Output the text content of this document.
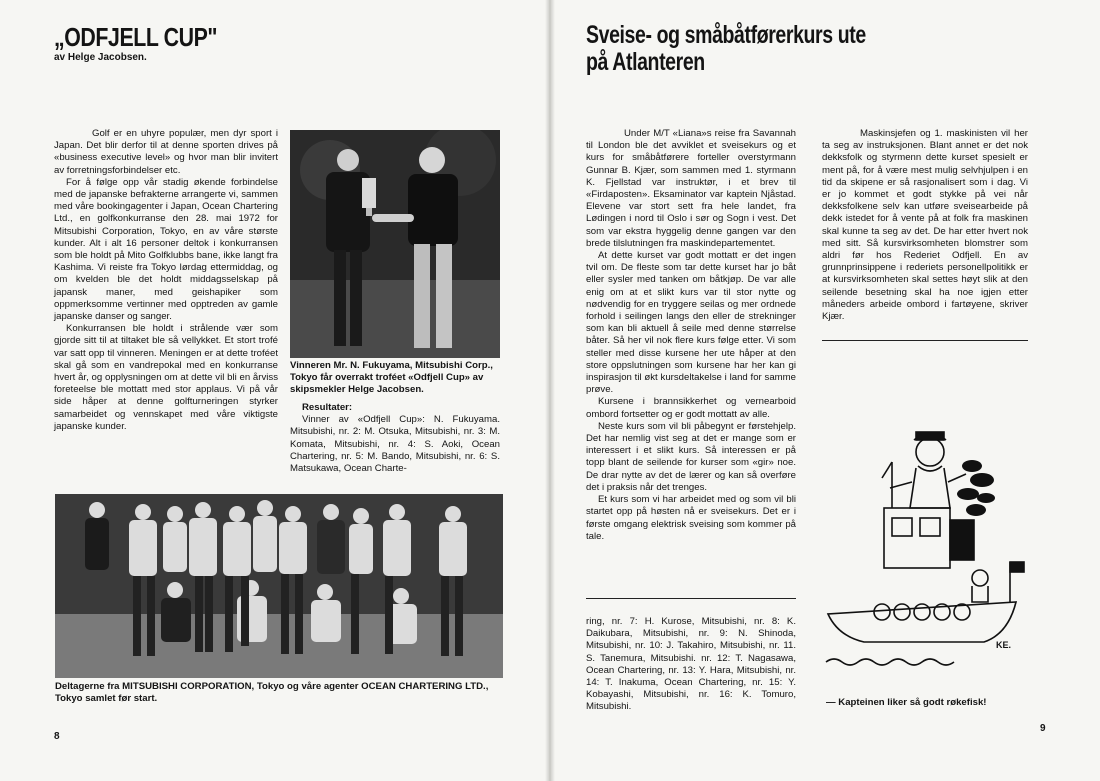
„ODFJELL CUP"
av Helge Jacobsen.

Golf er en uhyre populær, men dyr sport i Japan. Det blir derfor til at denne sporten drives på «business executive level» og hvor man blir invitert av forretningsforbindelser etc.

For å følge opp vår stadig økende forbindelse med de japanske befrakterne arrangerte vi, sammen med våre bookingagenter i Japan, Ocean Chartering Ltd., en golfkonkurranse den 28. mai 1972 for Mitsubishi Corporation, Tokyo, en av våre største kunder. Alt i alt 16 personer deltok i konkurransen som ble holdt på Mito Golfklubbs bane, ikke langt fra Kashima. Vi reiste fra Tokyo lørdag ettermiddag, og om kvelden ble det holdt middagsselskap på japansk maner, med geishapiker som oppmerksomme vertinner med opptreden av gamle japanske danser og sanger.

Konkurransen ble holdt i strålende vær som gjorde sitt til at tiltaket ble så vellykket. Et stort trofé var satt opp til vinneren. Meningen er at dette troféet skal gå som en vandrepokal med en konkurranse hvert år, og opplysningen om at dette vil bli en årviss foreteelse ble mottatt med stor applaus. Vi på vår side håper at denne golfturneringen styrker samarbeidet og vennskapet med våre viktigste japanske kunder.

Vinneren Mr. N. Fukuyama, Mitsubishi Corp., Tokyo får overrakt troféet «Odfjell Cup» av skipsmekler Helge Jacobsen.
Resultater:

Vinner av «Odfjell Cup»: N. Fukuyama. Mitsubishi, nr. 2: M. Otsuka, Mitsubishi, nr. 3: M. Komata, Mitsubishi, nr. 4: S. Aoki, Ocean Chartering, nr. 5: M. Bando, Mitsubishi, nr. 6: S. Matsukawa, Ocean Charte-

Deltagerne fra MITSUBISHI CORPORATION, Tokyo og våre agenter OCEAN CHARTERING LTD., Tokyo samlet før start.
8
Sveise- og småbåtførerkurs ute på Atlanteren

Under M/T «Liana»s reise fra Savannah til London ble det avviklet et sveisekurs og et kurs for småbåtførere forteller overstyrmann Gunnar B. Kjær, som sammen med 1. styrmann K. Fjellstad var instruktør, i et brev til «Firdaposten». Eksaminator var kaptein Njåstad. Elevene var stort sett fra hele landet, fra Lødingen i nord til Oslo i sør og Sogn i vest. Det som var ekstra hyggelig denne gangen var den brede tilslutningen fra maskindepartementet.

At dette kurset var godt mottatt er det ingen tvil om. De fleste som tar dette kurset har jo båt eller sysler med tanken om båtkjøp. De var alle enig om at et slikt kurs var til stor nytte og nødvendig for en tryggere seilas og mer ordnede forhold i seilingen langs den eller de strekninger som kan bli aktuell å seile med denne størrelse båter. Så her vil nok flere kurs følge etter. Vi som steller med disse kursene her ute håper at den store oppslutningen som kursene har her kan gi inspirasjon til økt kursdeltakelse i land for samme prøve.

Kursene i brannsikkerhet og vernearboid ombord fortsetter og er godt mottatt av alle.

Neste kurs som vil bli påbegynt er førstehjelp. Det har nemlig vist seg at det er mange som er interessert i et slikt kurs. Så interessen er på topp blant de seilende for kurser som «gir» noe. De drar nytte av det de lærer og kan så overføre det i praksis når det trenges.

Et kurs som vi har arbeidet med og som vil bli startet opp på høsten nå er sveisekurs. Det er i første omgang elektrisk sveising som kommer på tale.

ring, nr. 7: H. Kurose, Mitsubishi, nr. 8: K. Daikubara, Mitsubishi, nr. 9: N. Shinoda, Mitsubishi, nr. 10: J. Takahiro, Mitsubishi, nr. 11. S. Tanemura, Mitsubishi. nr. 12: T. Nagasawa, Ocean Chartering, nr. 13: Y. Hara, Mitsubishi, nr. 14: T. Inakuma, Ocean Chartering, nr. 15: Y. Kobayashi, Mitsubishi, nr. 16: K. Tomuro, Mitsubishi.

Maskinsjefen og 1. maskinisten vil her ta seg av instruksjonen. Blant annet er det nok dekksfolk og styrmenn dette kurset spesielt er ment på, for å være mest mulig selvhjulpen i en tid da skipene er så rasjonalisert som i dag. Vi er jo kommet et godt stykke på vei når dekksfolkene selv kan utføre sveisearbeide på dekk istedet for å vente på at folk fra maskinen skal kunne ta seg av det. De har etter hvert nok med sitt. Så kursvirksomheten blomstrer som aldri før hos Rederiet Odfjell. En av grunnprinsippene i rederiets personellpolitikk er at kursvirksomheten skal settes høyt slik at den seilende besetning skal ha noe igjen etter måneders arbeide ombord i fartøyene, skriver Kjær.

KE.
— Kapteinen liker så godt røkefisk!
9
